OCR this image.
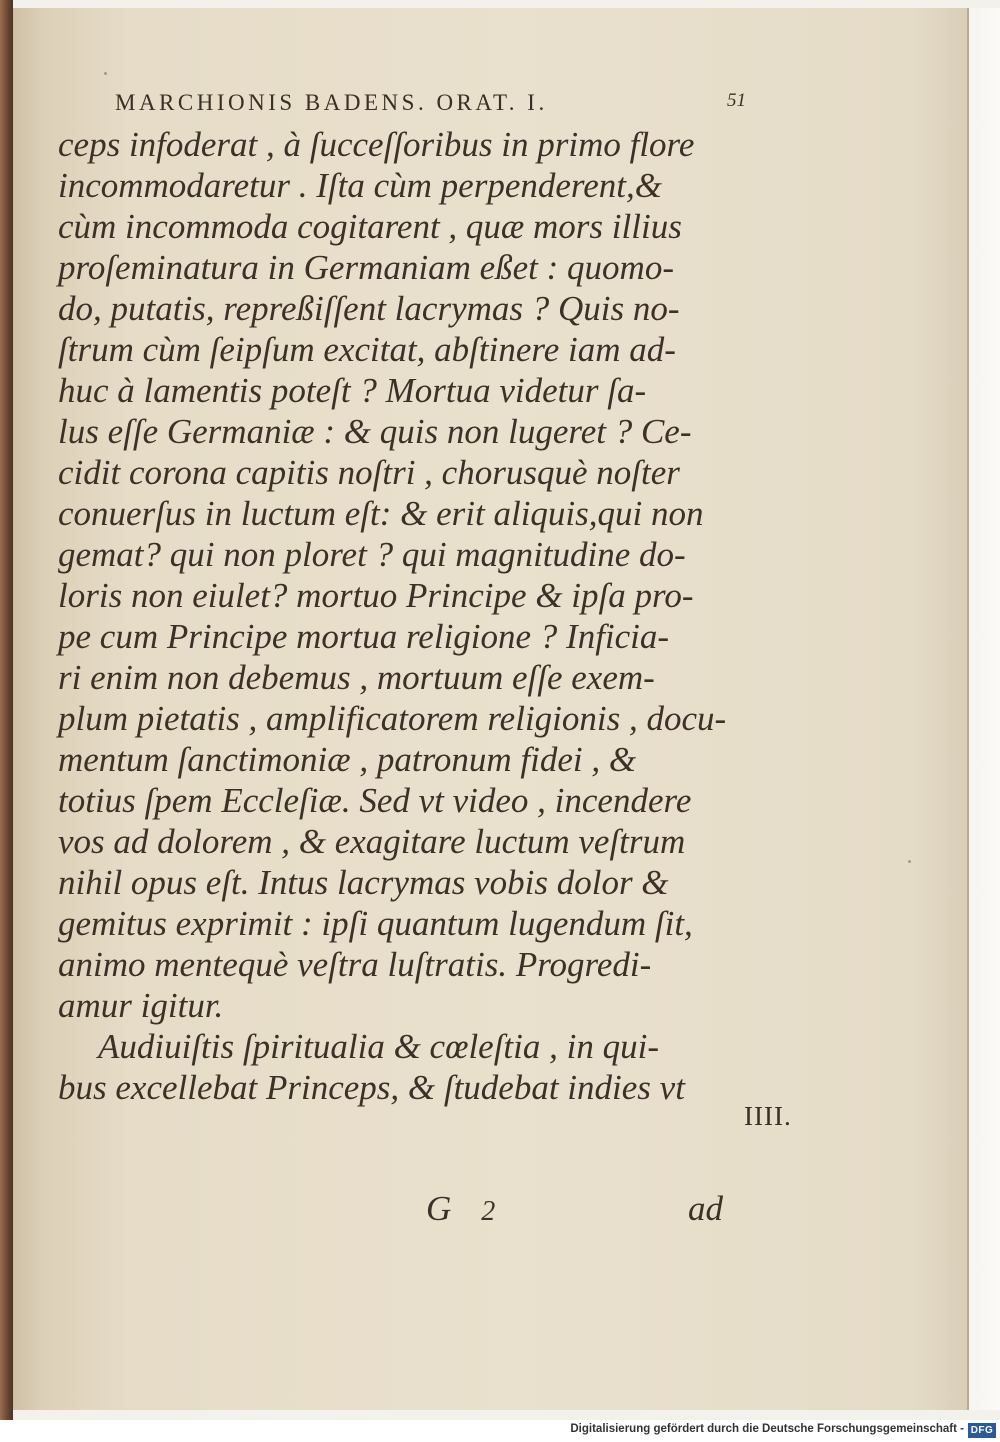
MARCHIONIS BADENS. ORAT. I.	51
ceps infoderat , à ſucceſſoribus in primo flore
incommodaretur . Iſta cùm perpenderent,&
cùm incommoda cogitarent , quæ mors illius
proſeminatura in Germaniam eßet : quomo-
do, putatis, repreßiſſent lacrymas ? Quis no-
ſtrum cùm ſeipſum excitat, abſtinere iam ad-
huc à lamentis poteſt ? Mortua videtur ſa-
lus eſſe Germaniæ : & quis non lugeret ? Ce-
cidit corona capitis noſtri , chorusquè noſter
conuerſus in luctum eſt: & erit aliquis,qui non
gemat? qui non ploret ? qui magnitudine do-
loris non eiulet? mortuo Principe & ipſa pro-
pe cum Principe mortua religione ? Inficia-
ri enim non debemus , mortuum eſſe exem-
plum pietatis , amplificatorem religionis , docu-
mentum ſanctimoniæ , patronum fidei , &
totius ſpem Eccleſiæ. Sed vt video , incendere
vos ad dolorem , & exagitare luctum veſtrum
nihil opus eſt. Intus lacrymas vobis dolor &
gemitus exprimit : ipſi quantum lugendum ſit,
animo mentequè veſtra luſtratis. Progredi-
amur igitur.
Audiuiſtis ſpiritualia & cœleſtia , in qui-
bus excellebat Princeps, & ſtudebat indies vt
IIII.
G 2	ad
Digitalisierung gefördert durch die Deutsche Forschungsgemeinschaft - DFG
